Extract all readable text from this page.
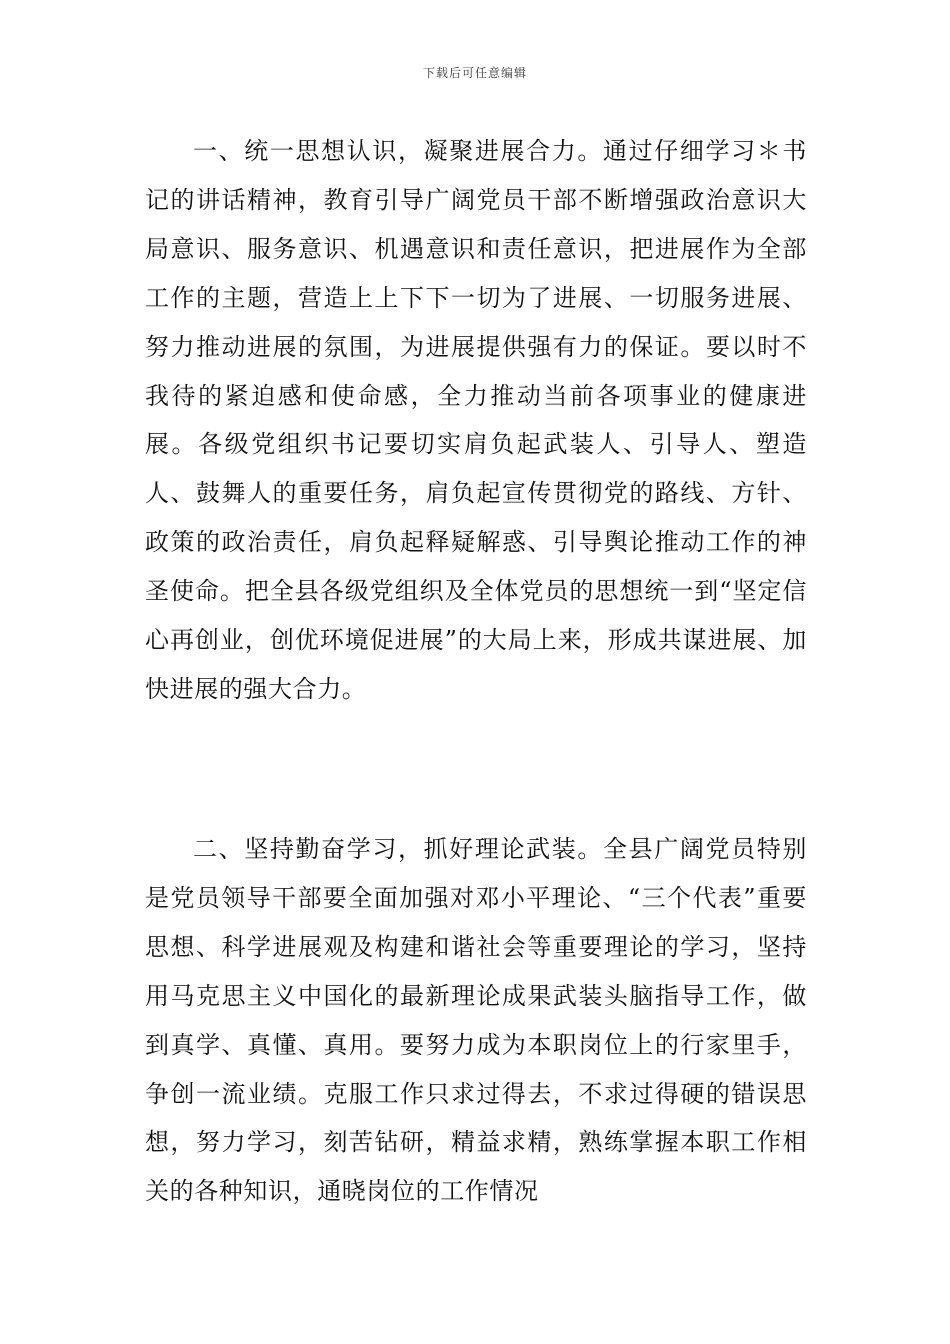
下载后可任意编辑

一、统一思想认识，凝聚进展合力。通过仔细学习＊书记的讲话精神，教育引导广阔党员干部不断增强政治意识大局意识、服务意识、机遇意识和责任意识，把进展作为全部工作的主题，营造上上下下一切为了进展、一切服务进展、努力推动进展的氛围，为进展提供强有力的保证。要以时不我待的紧迫感和使命感，全力推动当前各项事业的健康进展。各级党组织书记要切实肩负起武装人、引导人、塑造人、鼓舞人的重要任务，肩负起宣传贯彻党的路线、方针、政策的政治责任，肩负起释疑解惑、引导舆论推动工作的神圣使命。把全县各级党组织及全体党员的思想统一到“坚定信心再创业，创优环境促进展”的大局上来，形成共谋进展、加快进展的强大合力。

二、坚持勤奋学习，抓好理论武装。全县广阔党员特别是党员领导干部要全面加强对邓小平理论、“三个代表”重要思想、科学进展观及构建和谐社会等重要理论的学习，坚持用马克思主义中国化的最新理论成果武装头脑指导工作，做到真学、真懂、真用。要努力成为本职岗位上的行家里手，争创一流业绩。克服工作只求过得去，不求过得硬的错误思想，努力学习，刻苦钻研，精益求精，熟练掌握本职工作相关的各种知识，通晓岗位的工作情况
